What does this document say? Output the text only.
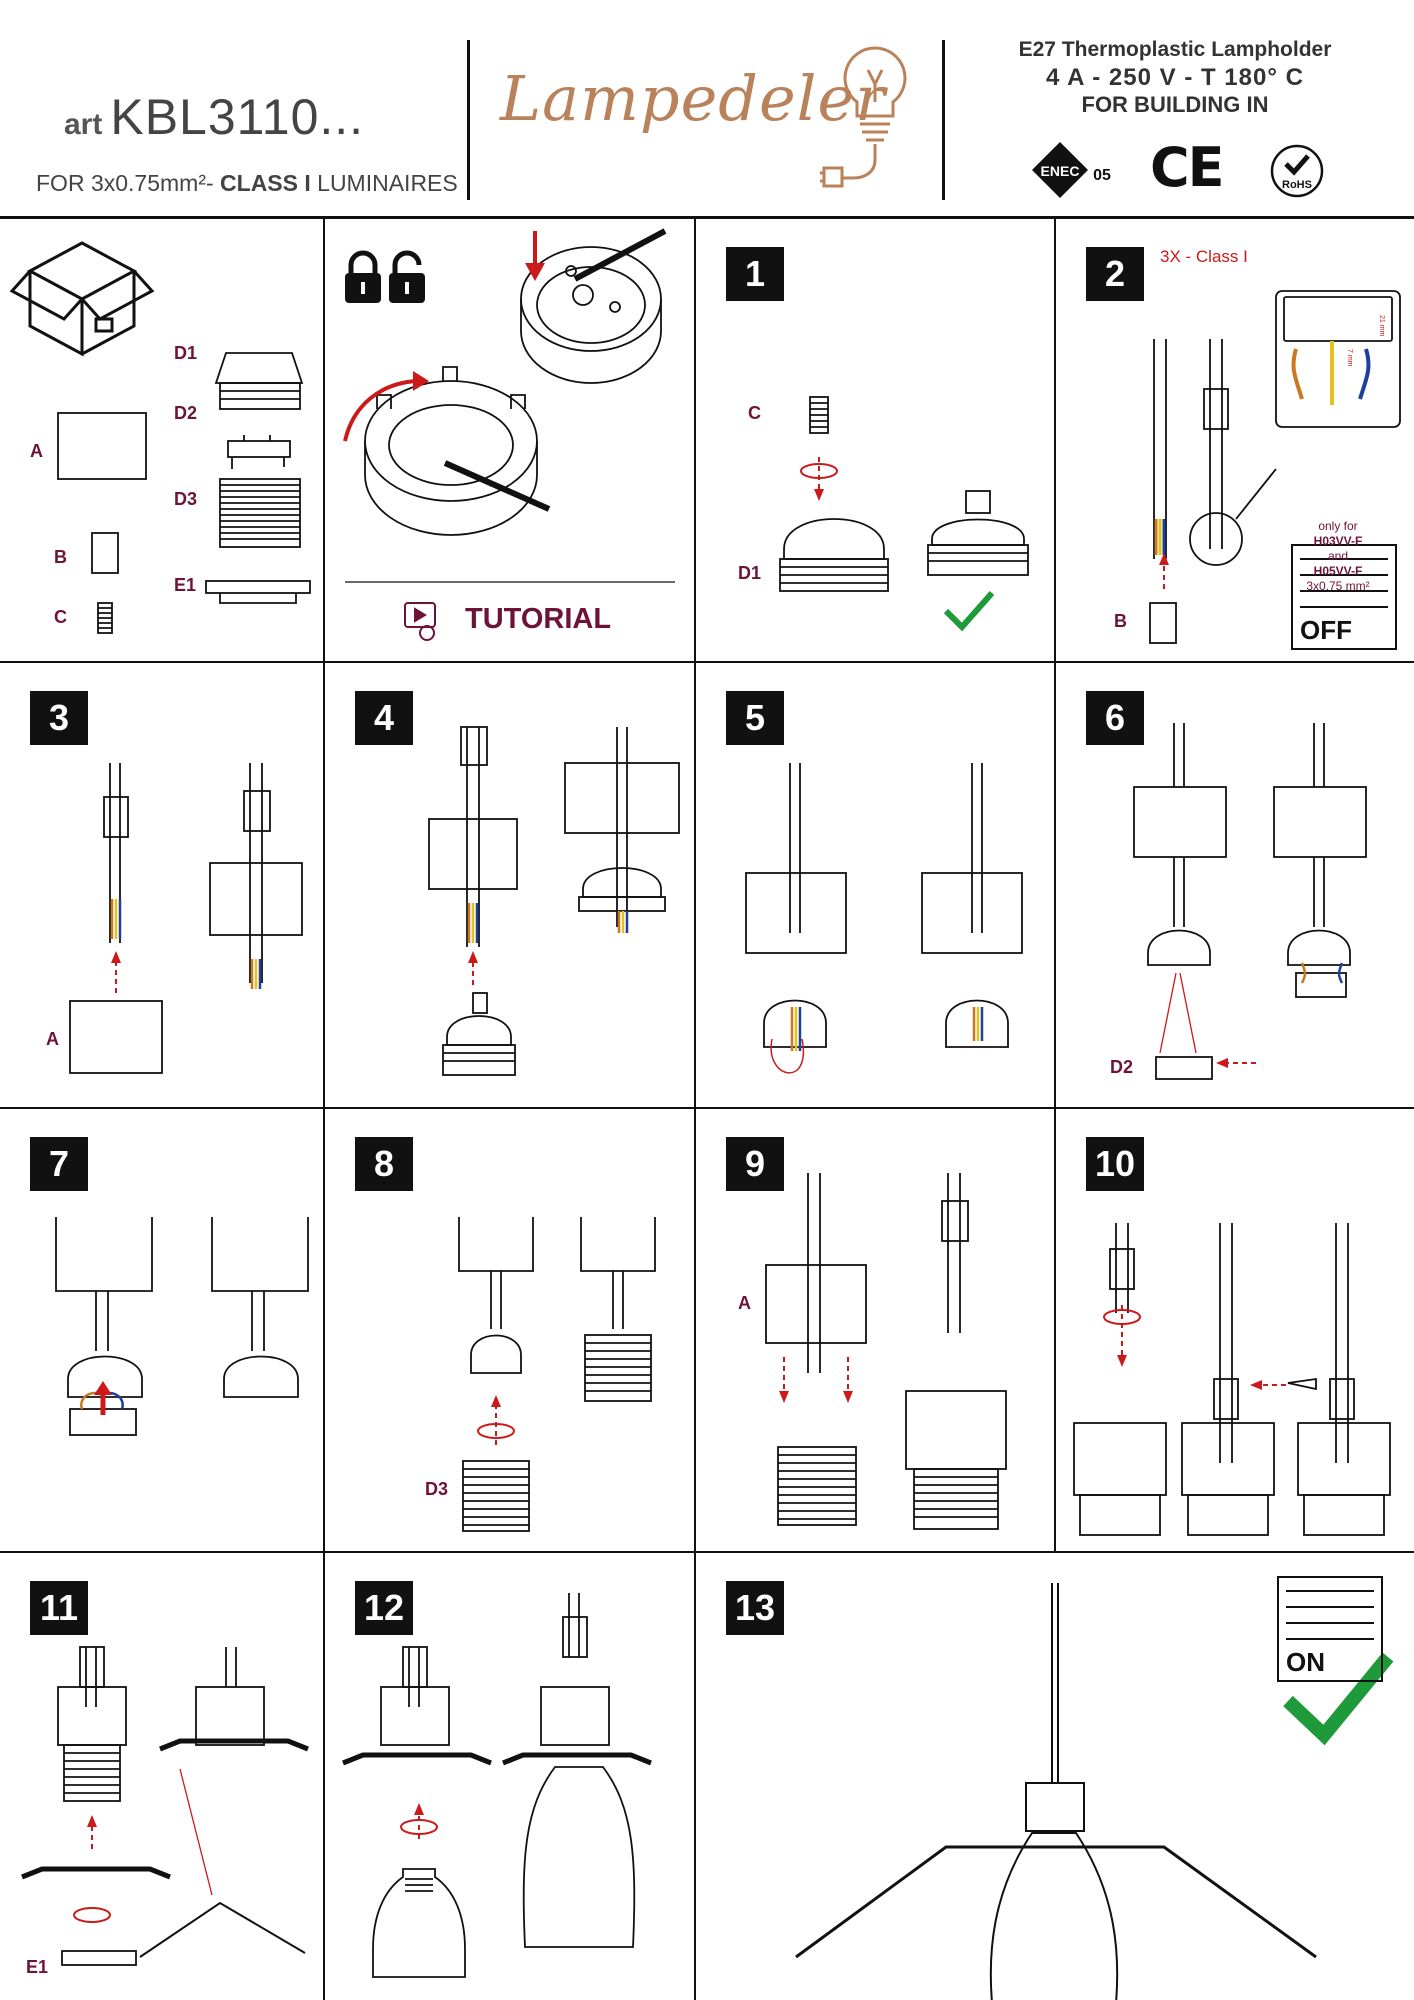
art KBL3110...
FOR 3x0.75mm²- CLASS I LUMINAIRES
Lampedeler
E27 Thermoplastic Lampholder
4 A - 250 V - T 180° C
FOR BUILDING IN
ENEC 05 CE	RoHS
A
B
C
D1
D2
D3
E1
TUTORIAL
1
C
D1
2	3X - Class I
only for
H03VV-F
and
H05VV-F
3x0.75 mm²
21 mm
7 mm
B	OFF
3
A
4	5	6
D2
7	8
D3
9
A
10
11
E1
12	13
ON
